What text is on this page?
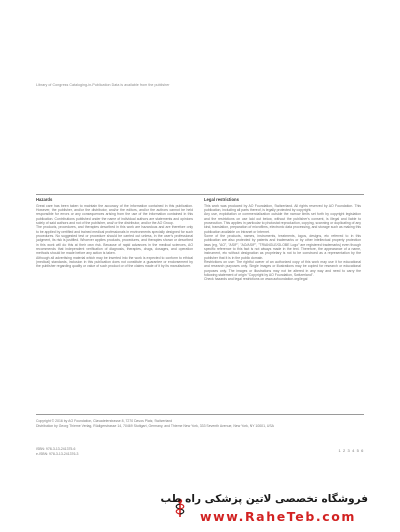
Library of Congress Cataloging-in-Publication Data is available from the publisher
Hazards

Great care has been taken to maintain the accuracy of the information contained in this publication. However, the publisher, and/or the distributor, and/or the editors, and/or the authors cannot be held responsible for errors or any consequences arising from the use of the information contained in this publication. Contributions published under the name of individual authors are statements and opinions solely of said authors and not of the publisher, and/ or the distributor, and/or the AO Group.

The products, procedures, and therapies described in this work are hazardous and are therefore only to be applied by certified and trained medical professionals in environments specially designed for such procedures. No suggested test or procedure should be carried out unless, in the user's professional judgment, its risk is justified. Whoever applies products, procedures, and therapies shown or described in this work will do this at their own risk. Because of rapid advances in the medical sciences, AO recommends that independent verification of diagnosis, therapies, drugs, dosages, and operation methods should be made before any action is taken.

Although all advertising material which may be inserted into the work is expected to conform to ethical (medical) standards, inclusion in this publication does not constitute a guarantee or endorsement by the publisher regarding quality or value of such product or of the claims made of it by its manufacturer.

Legal restrictions

This work was produced by AO Foundation, Switzerland. All rights reserved by AO Foundation. This publication, including all parts thereof, is legally protected by copyright.

Any use, exploitation or commercialization outside the narrow limits set forth by copyright legislation and the restrictions on use laid out below, without the publisher's consent, is illegal and liable to prosecution. This applies in particular to photostat reproduction, copying, scanning or duplicating of any kind, translation, preparation of microfilms, electronic data processing, and storage such as making this publication available on Intranet or Internet.

Some of the products, names, instruments, treatments, logos, designs, etc referred to in this publication are also protected by patents and trademarks or by other intellectual property protection laws (eg, "AO", "ASIF", "AO/ASIF", "TRIANGLE/GLOBE Logo" are registered trademarks) even though specific reference to this fact is not always made in the text. Therefore, the appearance of a name, instrument, etc without designation as proprietary is not to be construed as a representation by the publisher that it is in the public domain.

Restrictions on use: The rightful owner of an authorized copy of this work may use it for educational and research purposes only. Single images or illustrations may be copied for research or educational purposes only. The images or illustrations may not be altered in any way and need to carry the following statement of origin "Copyright by AO Foundation, Switzerland".

Check hazards and legal restrictions on www.aofoundation.org/legal

Copyright © 2016 by AO Foundation, Clavadelerstrasse 8, 7270 Davos Platz, Switzerland
Distribution by Georg Thieme Verlag, Rüdigerstrasse 14, 70469 Stuttgart, Germany, and Thieme New York, 333 Seventh Avenue, New York, NY 10001, USA
ISBN: 978-3-13-241375-6
e-ISBN: 978-3-13-241376-3
1 2 3 4 5 6
فروشگاه تخصصی لاتین پزشکی راه طب
www.RaheTeb.com
